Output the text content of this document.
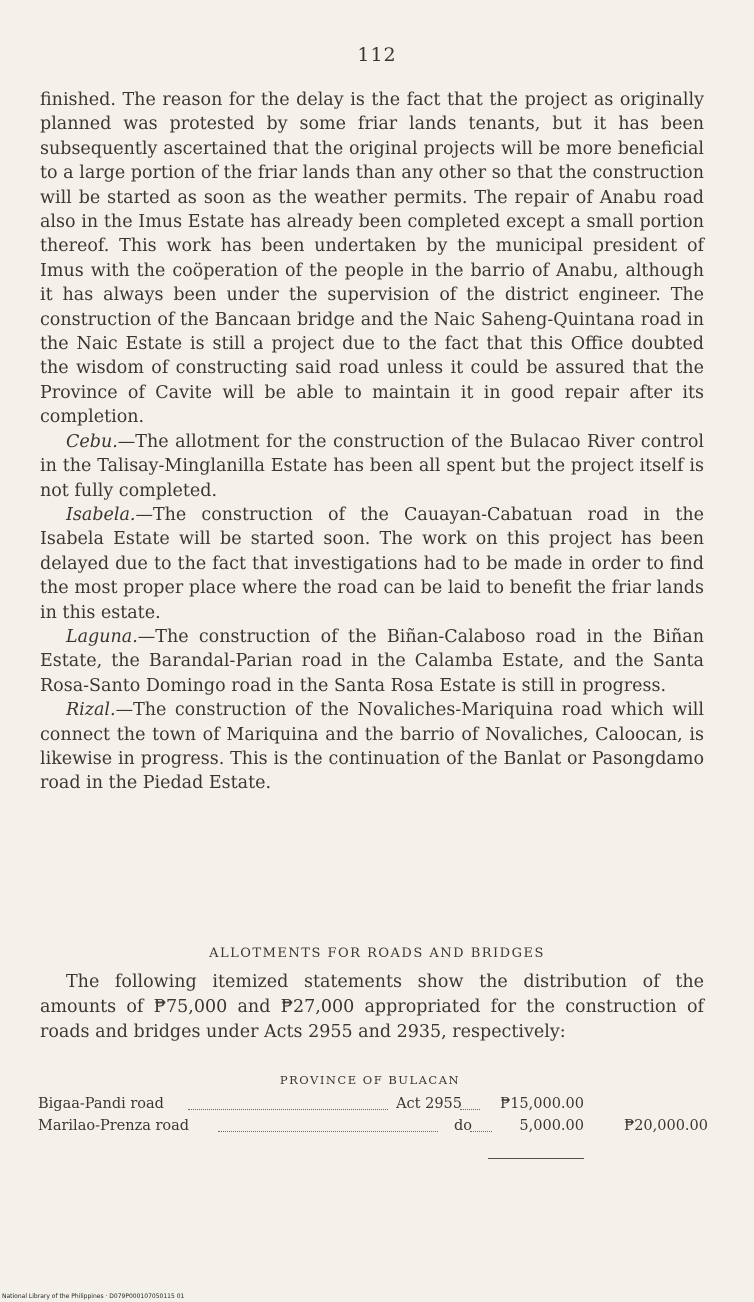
112

finished. The reason for the delay is the fact that the project as originally planned was protested by some friar lands tenants, but it has been subsequently ascertained that the original projects will be more beneficial to a large portion of the friar lands than any other so that the construction will be started as soon as the weather permits. The repair of Anabu road also in the Imus Estate has already been completed except a small portion thereof. This work has been undertaken by the municipal president of Imus with the coöperation of the people in the barrio of Anabu, although it has always been under the supervision of the district engineer. The construction of the Bancaan bridge and the Naic Saheng-Quintana road in the Naic Estate is still a project due to the fact that this Office doubted the wisdom of constructing said road unless it could be assured that the Province of Cavite will be able to maintain it in good repair after its completion.

Cebu.—The allotment for the construction of the Bulacao River control in the Talisay-Minglanilla Estate has been all spent but the project itself is not fully completed.

Isabela.—The construction of the Cauayan-Cabatuan road in the Isabela Estate will be started soon. The work on this project has been delayed due to the fact that investigations had to be made in order to find the most proper place where the road can be laid to benefit the friar lands in this estate.

Laguna.—The construction of the Biñan-Calaboso road in the Biñan Estate, the Barandal-Parian road in the Calamba Estate, and the Santa Rosa-Santo Domingo road in the Santa Rosa Estate is still in progress.

Rizal.—The construction of the Novaliches-Mariquina road which will connect the town of Mariquina and the barrio of Novaliches, Caloocan, is likewise in progress. This is the continuation of the Banlat or Pasongdamo road in the Piedad Estate.

ALLOTMENTS FOR ROADS AND BRIDGES

The following itemized statements show the distribution of the amounts of ₱75,000 and ₱27,000 appropriated for the construction of roads and bridges under Acts 2955 and 2935, respectively:

PROVINCE OF BULACAN
Bigaa-Pandi road	Act 2955	₱15,000.00
Marilao-Prenza road	do	5,000.00	₱20,000.00
National Library of the Philippines · D079P000107050115 01
